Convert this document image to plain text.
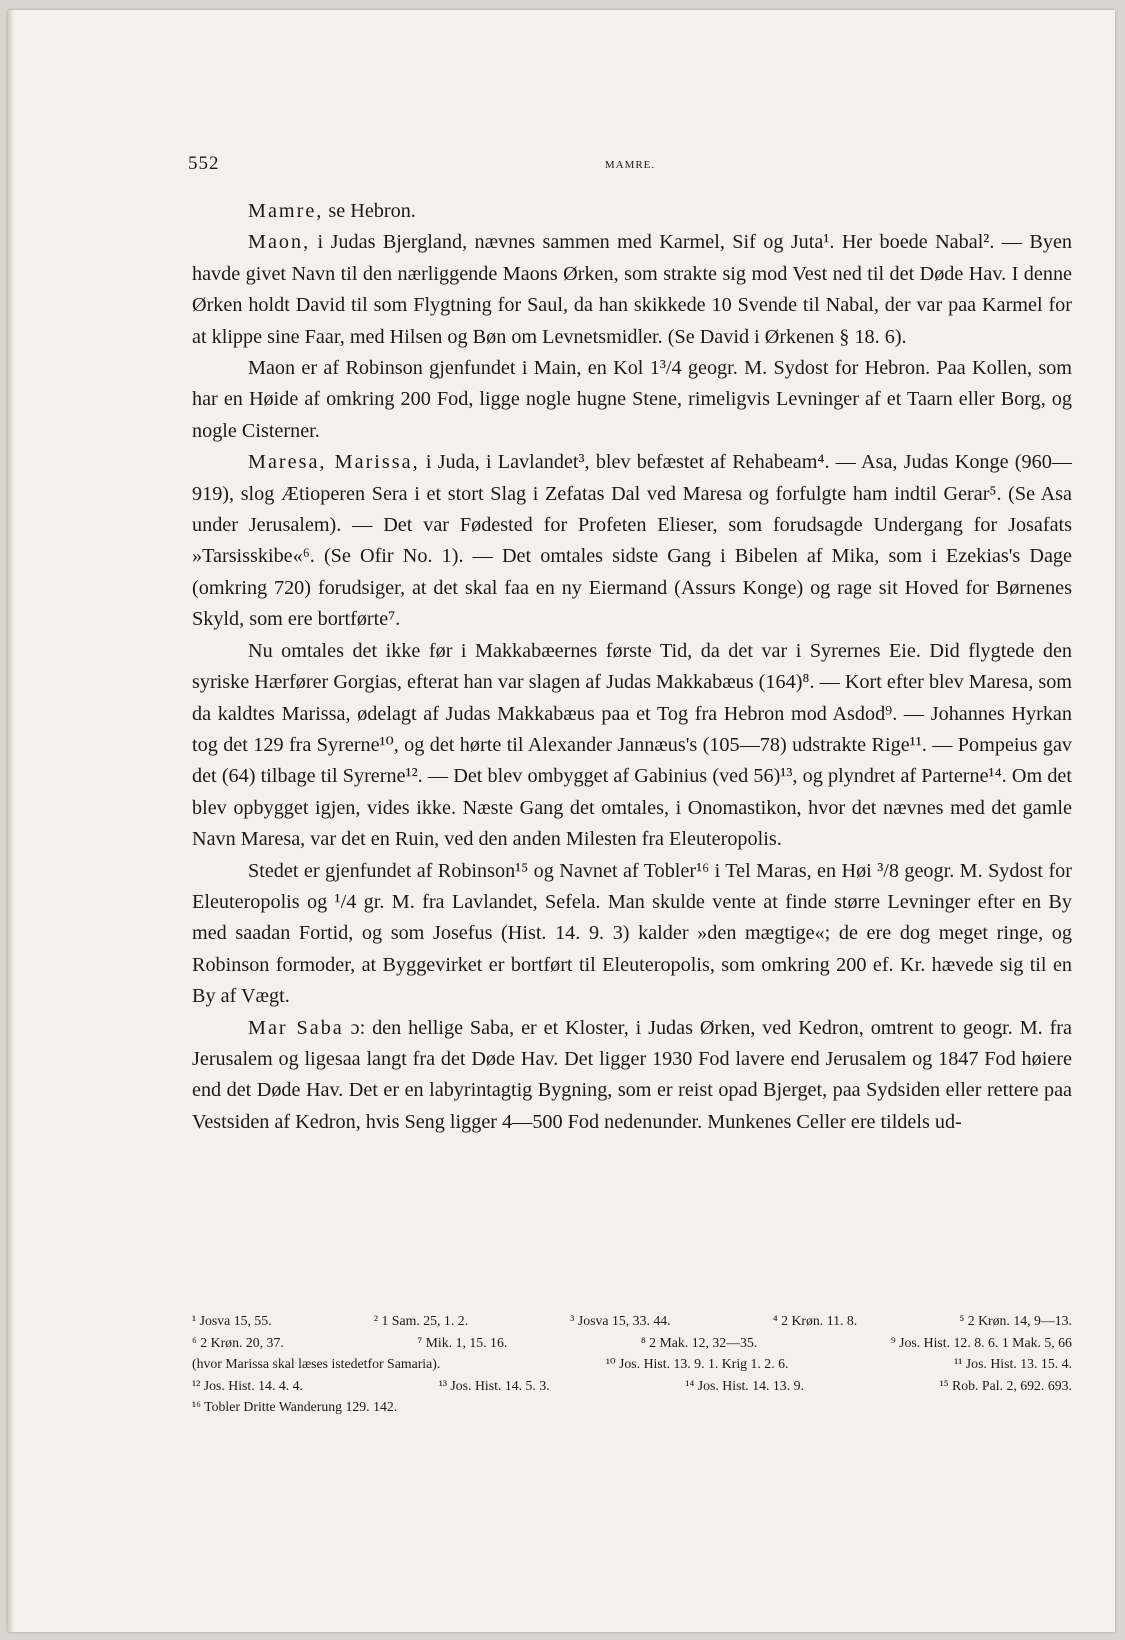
552	MAMRE.

Mamre, se Hebron.

Maon, i Judas Bjergland, nævnes sammen med Karmel, Sif og Juta¹. Her boede Nabal². — Byen havde givet Navn til den nærliggende Maons Ørken, som strakte sig mod Vest ned til det Døde Hav. I denne Ørken holdt David til som Flygtning for Saul, da han skikkede 10 Svende til Nabal, der var paa Karmel for at klippe sine Faar, med Hilsen og Bøn om Levnetsmidler. (Se David i Ørkenen § 18. 6).

Maon er af Robinson gjenfundet i Main, en Kol 1³/4 geogr. M. Sydost for Hebron. Paa Kollen, som har en Høide af omkring 200 Fod, ligge nogle hugne Stene, rimeligvis Levninger af et Taarn eller Borg, og nogle Cisterner.

Maresa, Marissa, i Juda, i Lavlandet³, blev befæstet af Rehabeam⁴. — Asa, Judas Konge (960—919), slog Ætioperen Sera i et stort Slag i Zefatas Dal ved Maresa og forfulgte ham indtil Gerar⁵. (Se Asa under Jerusalem). — Det var Fødested for Profeten Elieser, som forudsagde Undergang for Josafats »Tarsisskibe«⁶. (Se Ofir No. 1). — Det omtales sidste Gang i Bibelen af Mika, som i Ezekias's Dage (omkring 720) forudsiger, at det skal faa en ny Eiermand (Assurs Konge) og rage sit Hoved for Børnenes Skyld, som ere bortførte⁷.

Nu omtales det ikke før i Makkabæernes første Tid, da det var i Syrernes Eie. Did flygtede den syriske Hærfører Gorgias, efterat han var slagen af Judas Makkabæus (164)⁸. — Kort efter blev Maresa, som da kaldtes Marissa, ødelagt af Judas Makkabæus paa et Tog fra Hebron mod Asdod⁹. — Johannes Hyrkan tog det 129 fra Syrerne¹⁰, og det hørte til Alexander Jannæus's (105—78) udstrakte Rige¹¹. — Pompeius gav det (64) tilbage til Syrerne¹². — Det blev ombygget af Gabinius (ved 56)¹³, og plyndret af Parterne¹⁴. Om det blev opbygget igjen, vides ikke. Næste Gang det omtales, i Onomastikon, hvor det nævnes med det gamle Navn Maresa, var det en Ruin, ved den anden Milesten fra Eleuteropolis.

Stedet er gjenfundet af Robinson¹⁵ og Navnet af Tobler¹⁶ i Tel Maras, en Høi ³/8 geogr. M. Sydost for Eleuteropolis og ¹/4 gr. M. fra Lavlandet, Sefela. Man skulde vente at finde større Levninger efter en By med saadan Fortid, og som Josefus (Hist. 14. 9. 3) kalder »den mægtige«; de ere dog meget ringe, og Robinson formoder, at Byggevirket er bortført til Eleuteropolis, som omkring 200 ef. Kr. hævede sig til en By af Vægt.

Mar Saba ɔ: den hellige Saba, er et Kloster, i Judas Ørken, ved Kedron, omtrent to geogr. M. fra Jerusalem og ligesaa langt fra det Døde Hav. Det ligger 1930 Fod lavere end Jerusalem og 1847 Fod høiere end det Døde Hav. Det er en labyrintagtig Bygning, som er reist opad Bjerget, paa Sydsiden eller rettere paa Vestsiden af Kedron, hvis Seng ligger 4—500 Fod nedenunder. Munkenes Celler ere tildels ud-

¹ Josva 15, 55.	² 1 Sam. 25, 1. 2.	³ Josva 15, 33. 44.	⁴ 2 Krøn. 11. 8.	⁵ 2 Krøn. 14, 9—13.
⁶ 2 Krøn. 20, 37.	⁷ Mik. 1, 15. 16.	⁸ 2 Mak. 12, 32—35.	⁹ Jos. Hist. 12. 8. 6. 1 Mak. 5, 66
(hvor Marissa skal læses istedetfor Samaria).	¹⁰ Jos. Hist. 13. 9. 1. Krig 1. 2. 6.	¹¹ Jos. Hist. 13. 15. 4.
¹² Jos. Hist. 14. 4. 4.	¹³ Jos. Hist. 14. 5. 3.	¹⁴ Jos. Hist. 14. 13. 9.	¹⁵ Rob. Pal. 2, 692. 693.
¹⁶ Tobler Dritte Wanderung 129. 142.
